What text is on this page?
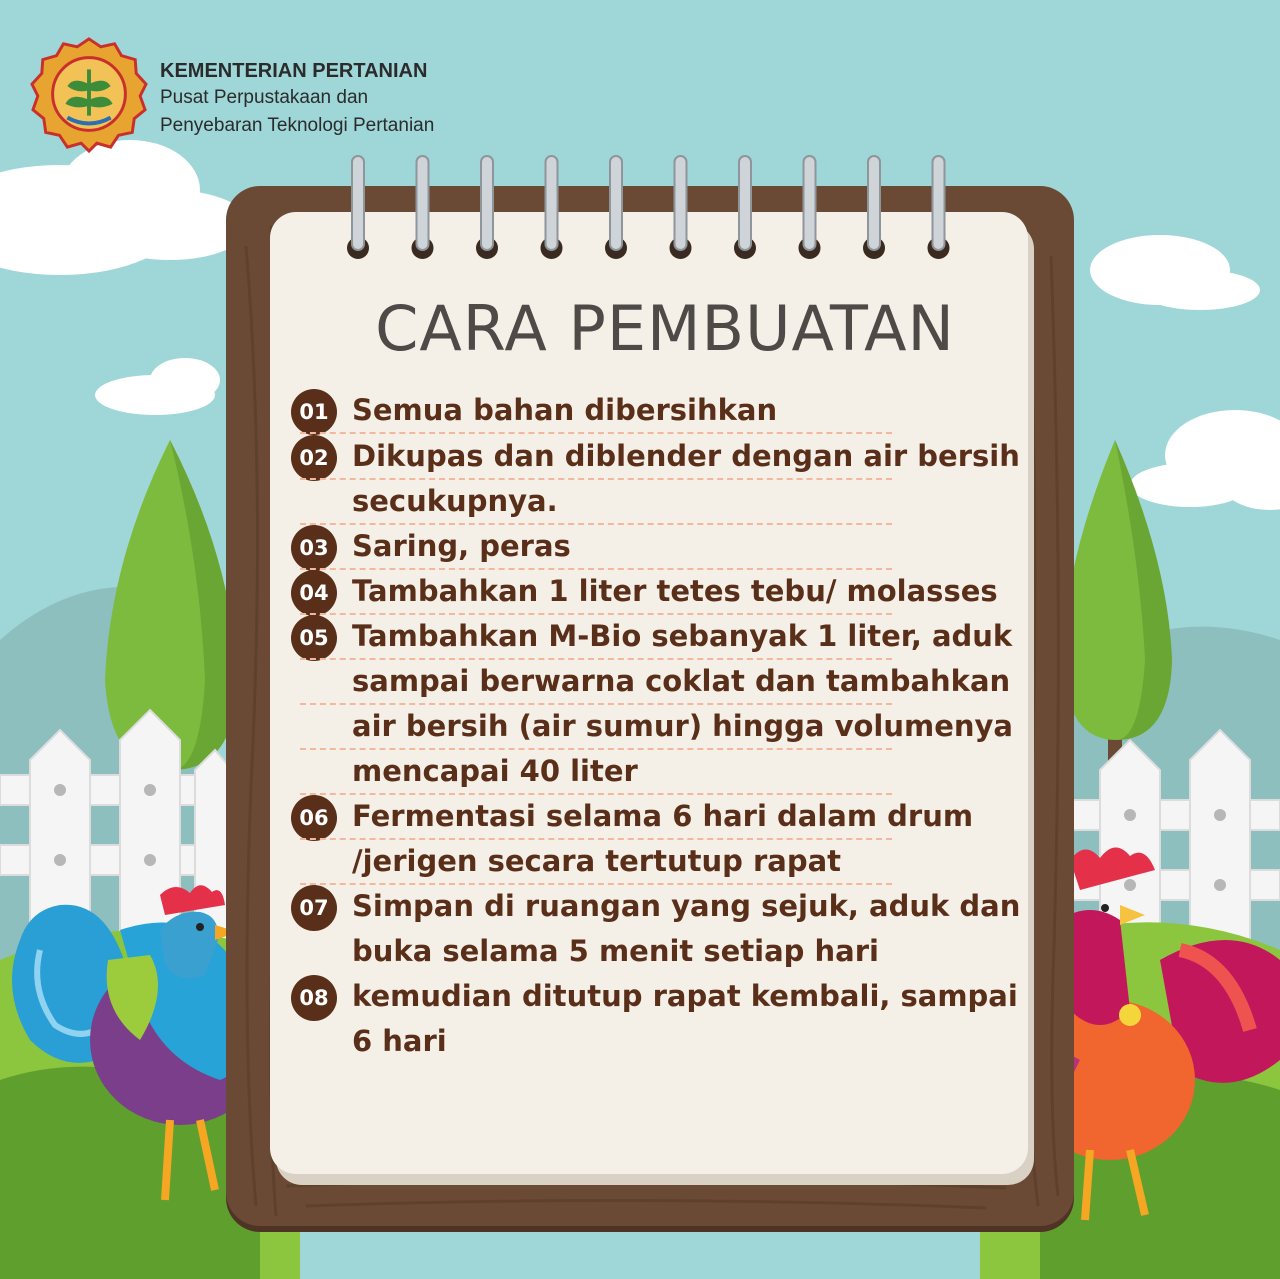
KEMENTERIAN PERTANIAN

Pusat Perpustakaan dan

Penyebaran Teknologi Pertanian

CARA PEMBUATAN
01 Semua bahan dibersihkan
02 Dikupas dan diblender dengan air bersih
secukupnya.
03 Saring, peras
04 Tambahkan 1 liter tetes tebu/ molasses
05 Tambahkan M-Bio sebanyak 1 liter, aduk
sampai berwarna coklat dan tambahkan
air bersih (air sumur) hingga volumenya
mencapai 40 liter
06 Fermentasi selama 6 hari dalam drum
/jerigen secara tertutup rapat
07 Simpan di ruangan yang sejuk, aduk dan
buka selama 5 menit setiap hari
08 kemudian ditutup rapat kembali, sampai
6 hari
